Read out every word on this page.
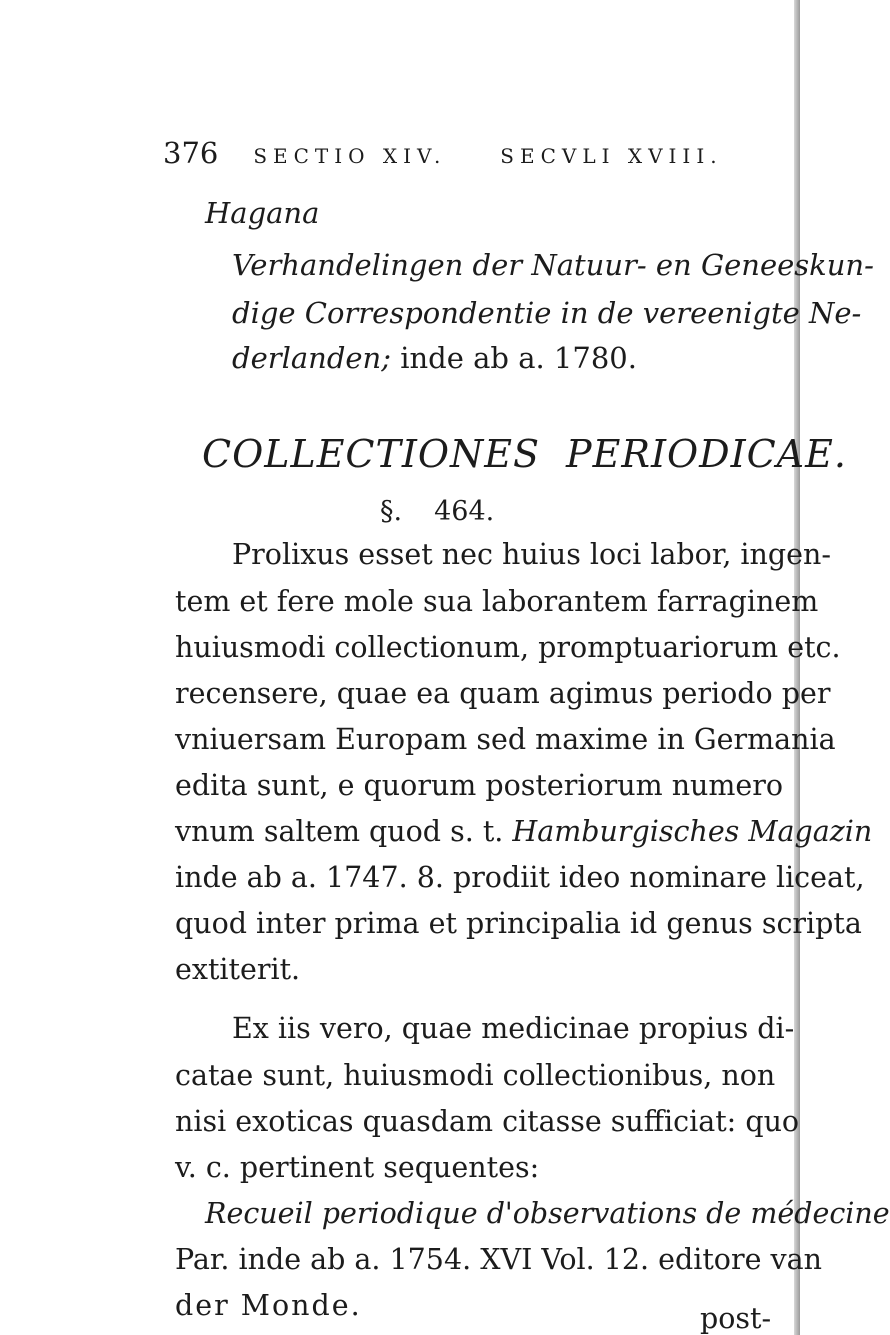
376 SECTIO XIV.	SECVLI XVIII.
Hagana
Verhandelingen der Natuur- en Geneeskun-
dige Correspondentie in de vereenigte Ne-
derlanden; inde ab a. 1780.
COLLECTIONES PERIODICAE.
§. 464.
Prolixus esset nec huius loci labor, ingen-
tem et fere mole sua laborantem farraginem
huiusmodi collectionum, promptuariorum etc.
recensere, quae ea quam agimus periodo per
vniuersam Europam sed maxime in Germania
edita sunt, e quorum posteriorum numero
vnum saltem quod s. t. Hamburgisches Magazin
inde ab a. 1747. 8. prodiit ideo nominare liceat,
quod inter prima et principalia id genus scripta
extiterit.
Ex iis vero, quae medicinae propius di-
catae sunt, huiusmodi collectionibus, non
nisi exoticas quasdam citasse sufficiat: quo
v. c. pertinent sequentes:
Recueil periodique d'observations de médecine
Par. inde ab a. 1754. XVI Vol. 12. editore van
der Monde.	post-
